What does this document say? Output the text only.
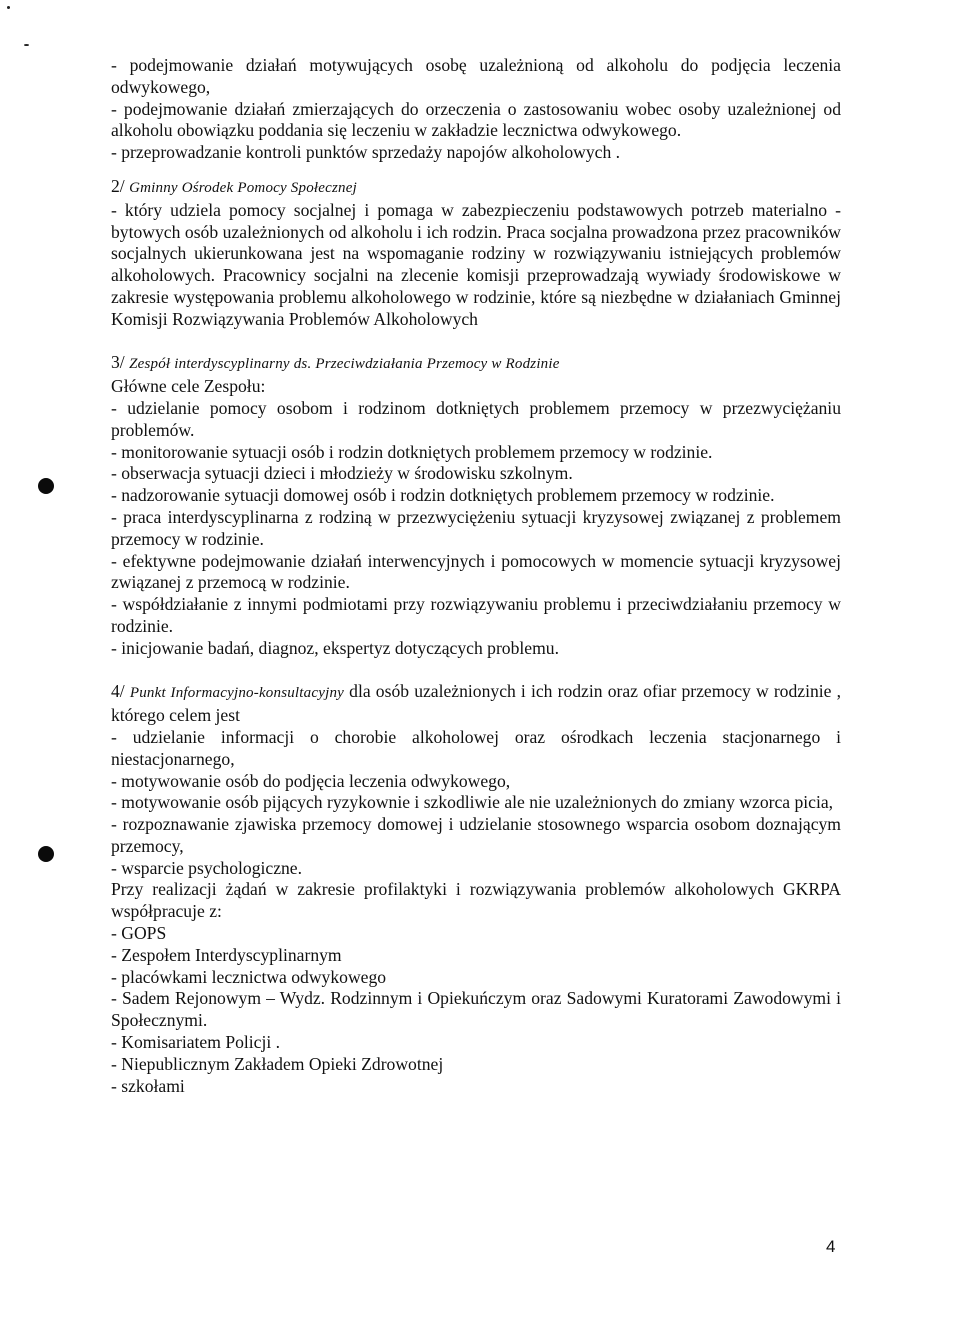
- podejmowanie działań motywujących osobę uzależnioną od alkoholu do podjęcia leczenia odwykowego,

- podejmowanie działań zmierzających do orzeczenia o zastosowaniu wobec osoby uzależnionej od alkoholu obowiązku poddania się leczeniu w zakładzie lecznictwa odwykowego.

- przeprowadzanie kontroli punktów sprzedaży napojów alkoholowych .

2/ Gminny Ośrodek Pomocy Społecznej

- który udziela pomocy socjalnej i pomaga w zabezpieczeniu podstawowych potrzeb materialno - bytowych osób uzależnionych od alkoholu i ich rodzin. Praca socjalna prowadzona przez pracowników socjalnych ukierunkowana jest na wspomaganie rodziny w rozwiązywaniu istniejących problemów alkoholowych. Pracownicy socjalni na zlecenie komisji przeprowadzają wywiady środowiskowe w zakresie występowania problemu alkoholowego w rodzinie, które są niezbędne w działaniach Gminnej Komisji Rozwiązywania Problemów Alkoholowych

3/ Zespół interdyscyplinarny ds. Przeciwdziałania Przemocy w Rodzinie

Główne cele Zespołu:

- udzielanie pomocy osobom i rodzinom dotkniętych problemem przemocy w przezwyciężaniu problemów.

- monitorowanie sytuacji osób i rodzin dotkniętych problemem przemocy w rodzinie.

- obserwacja sytuacji dzieci i młodzieży w środowisku szkolnym.

- nadzorowanie sytuacji domowej osób i rodzin dotkniętych problemem przemocy w rodzinie.

- praca interdyscyplinarna z rodziną w przezwyciężeniu sytuacji kryzysowej związanej z problemem przemocy w rodzinie.

- efektywne podejmowanie działań interwencyjnych i pomocowych w momencie sytuacji kryzysowej związanej z przemocą w rodzinie.

- współdziałanie z innymi podmiotami przy rozwiązywaniu problemu i przeciwdziałaniu przemocy w rodzinie.

- inicjowanie badań, diagnoz, ekspertyz dotyczących problemu.

4/ Punkt Informacyjno-konsultacyjny dla osób uzależnionych i ich rodzin oraz ofiar przemocy w rodzinie , którego celem jest

- udzielanie informacji o chorobie alkoholowej oraz ośrodkach leczenia stacjonarnego i niestacjonarnego,

- motywowanie osób do podjęcia leczenia odwykowego,

- motywowanie osób pijących ryzykownie i szkodliwie ale nie uzależnionych do zmiany wzorca picia,

- rozpoznawanie zjawiska przemocy domowej i udzielanie stosownego wsparcia osobom doznającym przemocy,

- wsparcie psychologiczne.

Przy realizacji żądań w zakresie profilaktyki i rozwiązywania problemów alkoholowych GKRPA współpracuje z:

- GOPS

- Zespołem Interdyscyplinarnym

- placówkami lecznictwa odwykowego

- Sadem Rejonowym – Wydz. Rodzinnym i Opiekuńczym oraz Sadowymi Kuratorami Zawodowymi i Społecznymi.

- Komisariatem Policji .

- Niepublicznym Zakładem Opieki Zdrowotnej

- szkołami

4
